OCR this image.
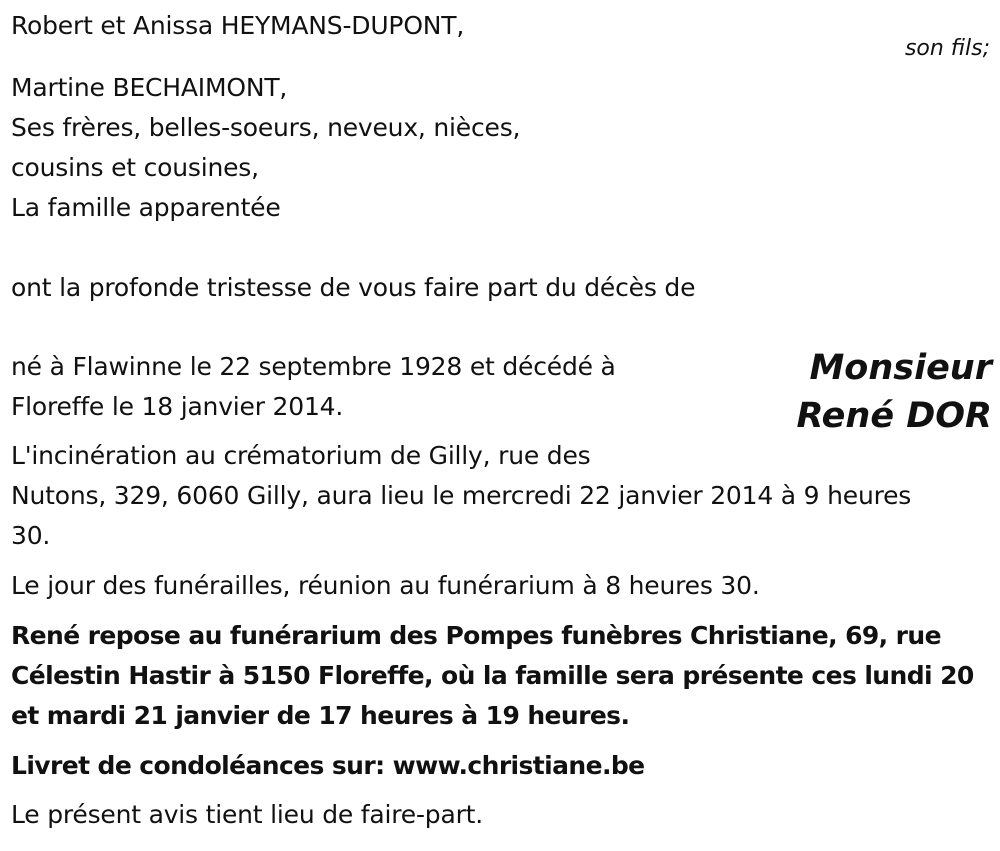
Robert et Anissa HEYMANS-DUPONT,
son fils;
Martine BECHAIMONT,
Ses frères, belles-soeurs, neveux, nièces,
cousins et cousines,
La famille apparentée
ont la profonde tristesse de vous faire part du décès de
Monsieur
René DOR
né à Flawinne le 22 septembre 1928 et décédé à
Floreffe le 18 janvier 2014.
L'incinération au crématorium de Gilly, rue des
Nutons, 329, 6060 Gilly, aura lieu le mercredi 22 janvier 2014 à 9 heures
30.
Le jour des funérailles, réunion au funérarium à 8 heures 30.
René repose au funérarium des Pompes funèbres Christiane, 69, rue
Célestin Hastir à 5150 Floreffe, où la famille sera présente ces lundi 20
et mardi 21 janvier de 17 heures à 19 heures.
Livret de condoléances sur: www.christiane.be
Le présent avis tient lieu de faire-part.
